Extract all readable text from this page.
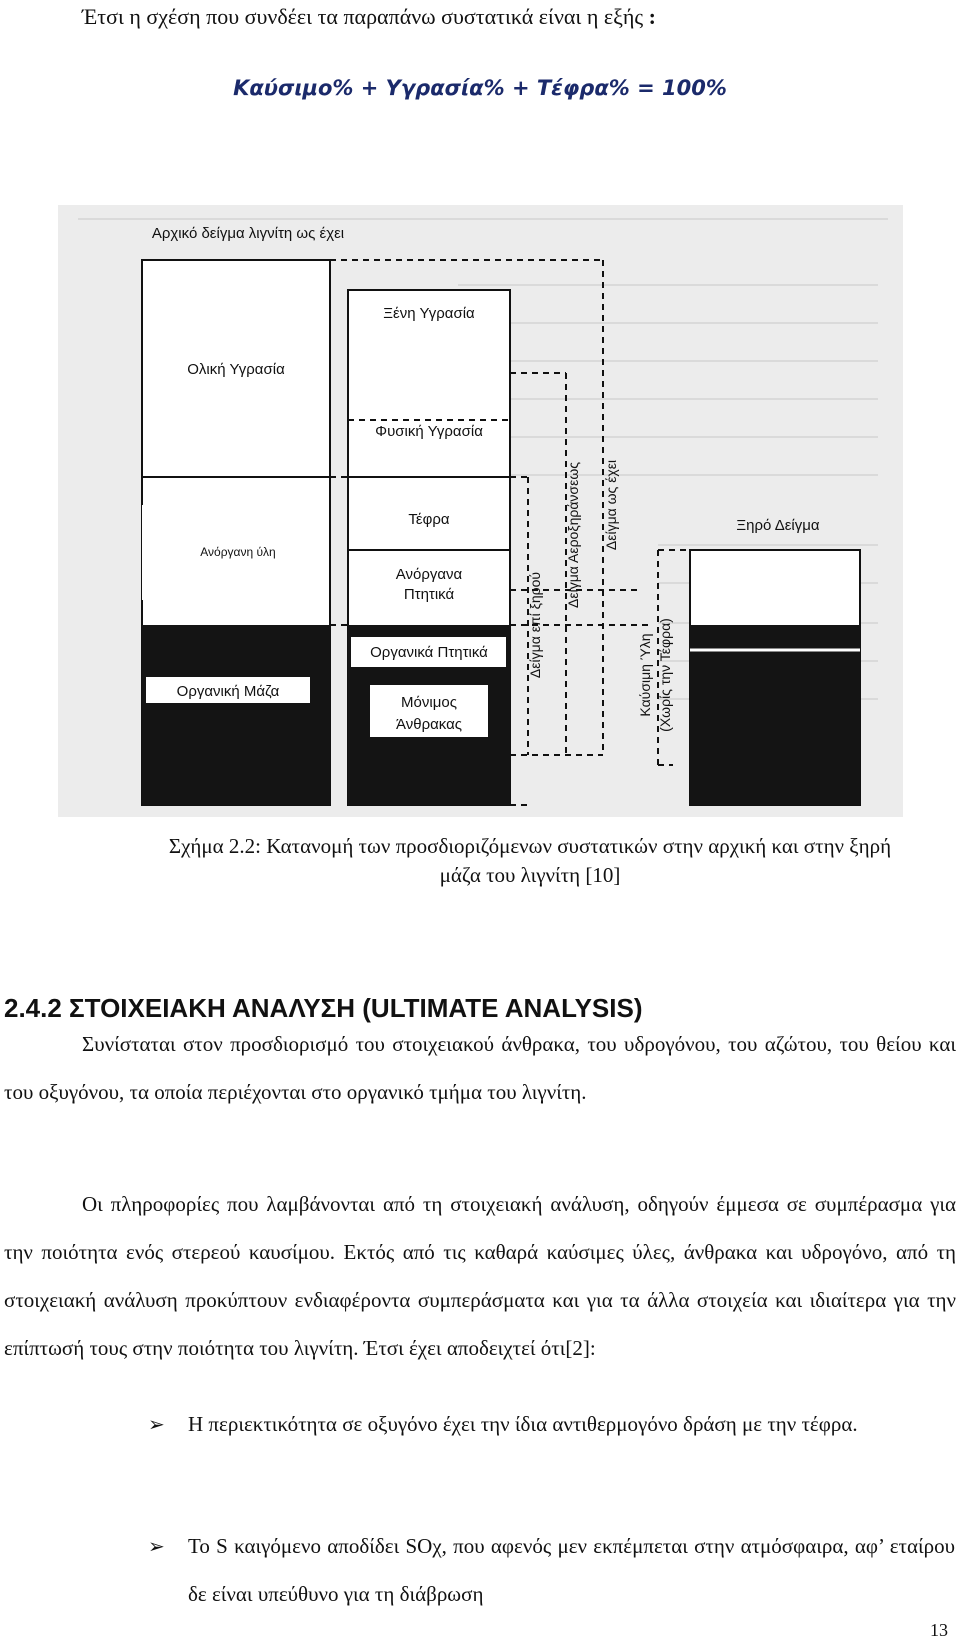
Έτσι η σχέση που συνδέει τα παραπάνω συστατικά είναι η εξής :
Καύσιμο% + Υγρασία% + Τέφρα% = 100%
Αρχικό δείγμα λιγνίτη ως έχει
Ολική Υγρασία
Ανόργανη ύλη
Οργανική Μάζα
Ξένη Υγρασία
Φυσική Υγρασία
Τέφρα
Ανόργανα
Πτητικά
Οργανικά Πτητικά
Μόνιμος
Άνθρακας
Δείγμα επί ξηρού
Δείγμα Αεροξηράνσεως Δείγμα ως έχει
Καύσιμη Ύλη (Χωρίς την Τέφρα)
Ξηρό Δείγμα
Σχήμα 2.2: Κατανομή των προσδιοριζόμενων συστατικών στην αρχική και στην ξηρή
μάζα του λιγνίτη [10]
2.4.2 ΣΤΟΙΧΕΙΑΚΗ ΑΝΑΛΥΣΗ (ULTIMATE ANALYSIS)
Συνίσταται στον προσδιορισμό του στοιχειακού άνθρακα, του υδρογόνου, του αζώτου, του θείου και του οξυγόνου, τα οποία περιέχονται στο οργανικό τμήμα του λιγνίτη.
Οι πληροφορίες που λαμβάνονται από τη στοιχειακή ανάλυση, οδηγούν έμμεσα σε συμπέρασμα για την ποιότητα ενός στερεού καυσίμου. Εκτός από τις καθαρά καύσιμες ύλες, άνθρακα και υδρογόνο, από τη στοιχειακή ανάλυση προκύπτουν ενδιαφέροντα συμπεράσματα και για τα άλλα στοιχεία και ιδιαίτερα για την επίπτωσή τους στην ποιότητα του λιγνίτη. Έτσι έχει αποδειχτεί ότι[2]:
➢ Η περιεκτικότητα σε οξυγόνο έχει την ίδια αντιθερμογόνο δράση με την τέφρα.
➢ Το S καιγόμενο αποδίδει SOχ, που αφενός μεν εκπέμπεται στην ατμόσφαιρα, αφ’ εταίρου δε είναι υπεύθυνο για τη διάβρωση
13
